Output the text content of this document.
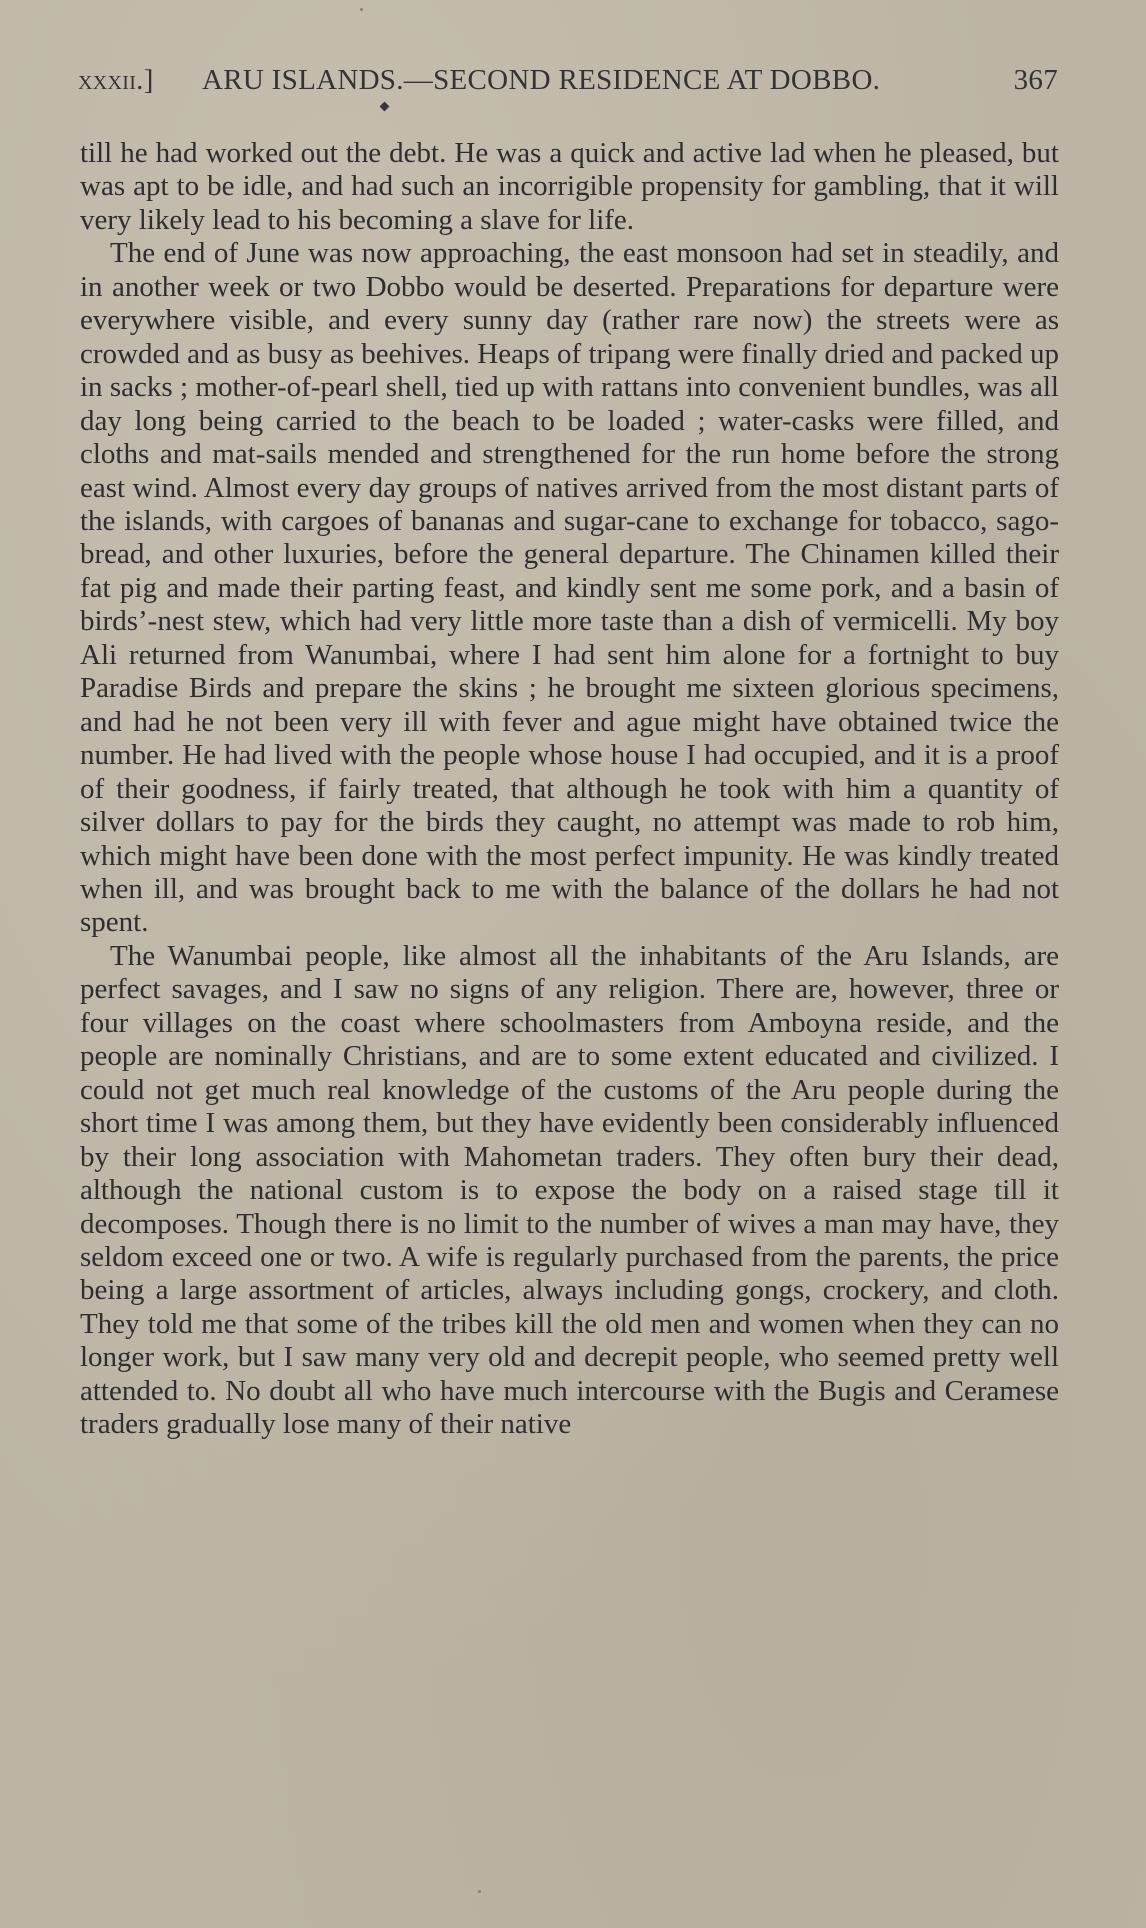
xxxii.] ARU ISLANDS.—SECOND RESIDENCE AT DOBBO.	367

till he had worked out the debt. He was a quick and active lad when he pleased, but was apt to be idle, and had such an incorrigible propensity for gambling, that it will very likely lead to his becoming a slave for life.

The end of June was now approaching, the east monsoon had set in steadily, and in another week or two Dobbo would be deserted. Preparations for departure were everywhere visible, and every sunny day (rather rare now) the streets were as crowded and as busy as beehives. Heaps of tripang were finally dried and packed up in sacks ; mother-of-pearl shell, tied up with rattans into convenient bundles, was all day long being carried to the beach to be loaded ; water-casks were filled, and cloths and mat-sails mended and strengthened for the run home before the strong east wind. Almost every day groups of natives arrived from the most distant parts of the islands, with cargoes of bananas and sugar-cane to exchange for tobacco, sago-bread, and other luxuries, before the general departure. The Chinamen killed their fat pig and made their parting feast, and kindly sent me some pork, and a basin of birds’-nest stew, which had very little more taste than a dish of vermicelli. My boy Ali returned from Wanumbai, where I had sent him alone for a fortnight to buy Paradise Birds and prepare the skins ; he brought me sixteen glorious specimens, and had he not been very ill with fever and ague might have obtained twice the number. He had lived with the people whose house I had occupied, and it is a proof of their goodness, if fairly treated, that although he took with him a quantity of silver dollars to pay for the birds they caught, no attempt was made to rob him, which might have been done with the most perfect impunity. He was kindly treated when ill, and was brought back to me with the balance of the dollars he had not spent.

The Wanumbai people, like almost all the inhabitants of the Aru Islands, are perfect savages, and I saw no signs of any religion. There are, however, three or four villages on the coast where schoolmasters from Amboyna reside, and the people are nominally Christians, and are to some extent educated and civilized. I could not get much real knowledge of the customs of the Aru people during the short time I was among them, but they have evidently been considerably influenced by their long association with Mahometan traders. They often bury their dead, although the national custom is to expose the body on a raised stage till it decomposes. Though there is no limit to the number of wives a man may have, they seldom exceed one or two. A wife is regularly purchased from the parents, the price being a large assortment of articles, always including gongs, crockery, and cloth. They told me that some of the tribes kill the old men and women when they can no longer work, but I saw many very old and decrepit people, who seemed pretty well attended to. No doubt all who have much intercourse with the Bugis and Ceramese traders gradually lose many of their native
